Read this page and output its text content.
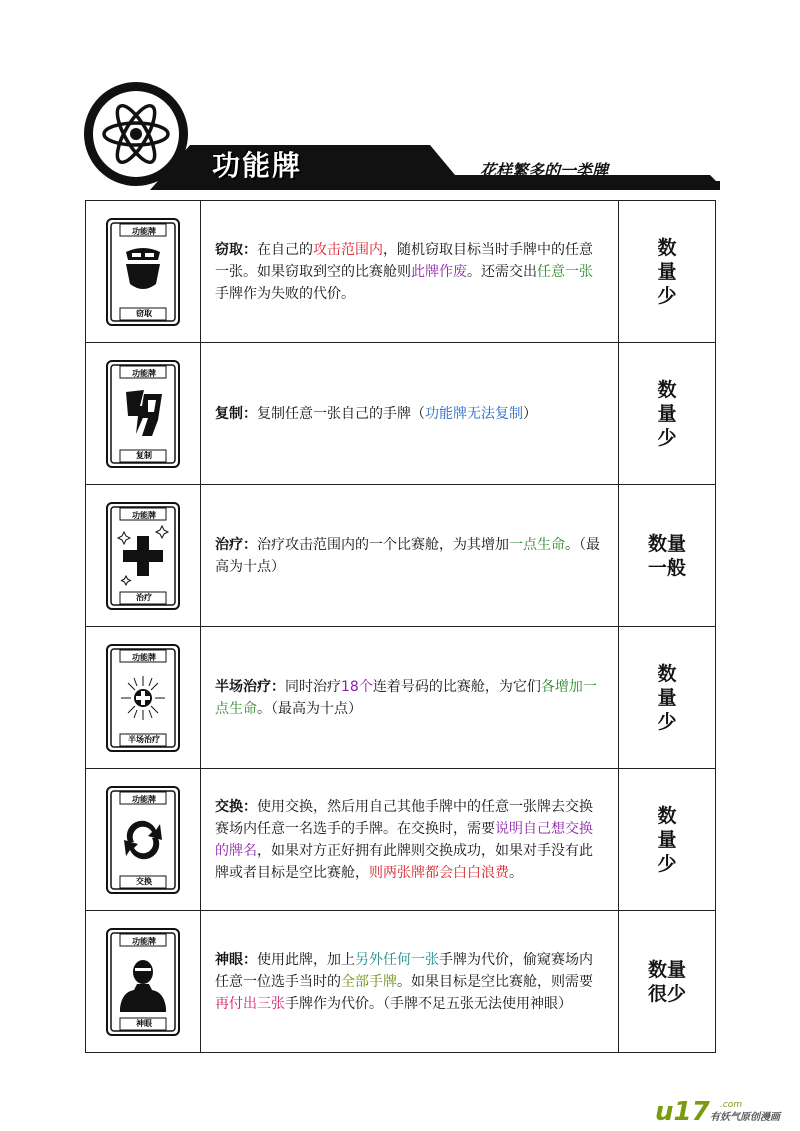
功能牌	花样繁多的一类牌
功能牌
窃取
窃取：在自己的攻击范围内，随机窃取目标当时手牌中的任意一张。如果窃取到空的比赛舱则此牌作废。还需交出任意一张手牌作为失败的代价。
数量少
功能牌
复制
复制：复制任意一张自己的手牌（功能牌无法复制）
数量少
功能牌
治疗
治疗：治疗攻击范围内的一个比赛舱，为其增加一点生命。（最高为十点）
数量一般
功能牌
半场治疗
半场治疗：同时治疗18个连着号码的比赛舱，为它们各增加一点生命。（最高为十点）
数量少
功能牌
交换
交换：使用交换，然后用自己其他手牌中的任意一张牌去交换赛场内任意一名选手的手牌。在交换时，需要说明自己想交换的牌名，如果对方正好拥有此牌则交换成功，如果对手没有此牌或者目标是空比赛舱，则两张牌都会白白浪费。
数量少
功能牌
神眼
神眼：使用此牌，加上另外任何一张手牌为代价，偷窥赛场内任意一位选手当时的全部手牌。如果目标是空比赛舱，则需要再付出三张手牌作为代价。（手牌不足五张无法使用神眼）
数量很少
u17 .com
有妖气原创漫画
